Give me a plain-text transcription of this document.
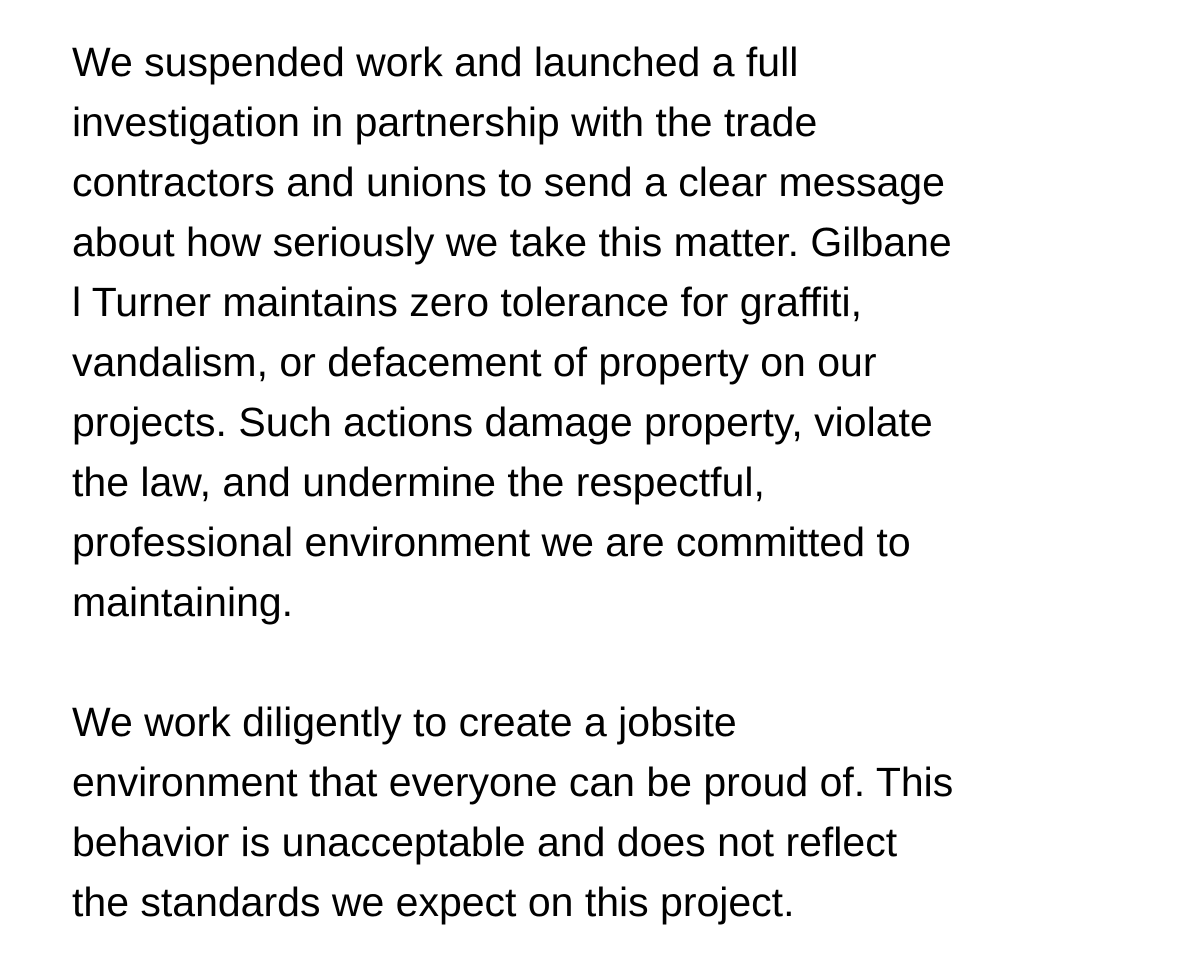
We suspended work and launched a full
investigation in partnership with the trade
contractors and unions to send a clear message
about how seriously we take this matter. Gilbane
l Turner maintains zero tolerance for graffiti,
vandalism, or defacement of property on our
projects. Such actions damage property, violate
the law, and undermine the respectful,
professional environment we are committed to
maintaining.
We work diligently to create a jobsite
environment that everyone can be proud of. This
behavior is unacceptable and does not reflect
the standards we expect on this project.
